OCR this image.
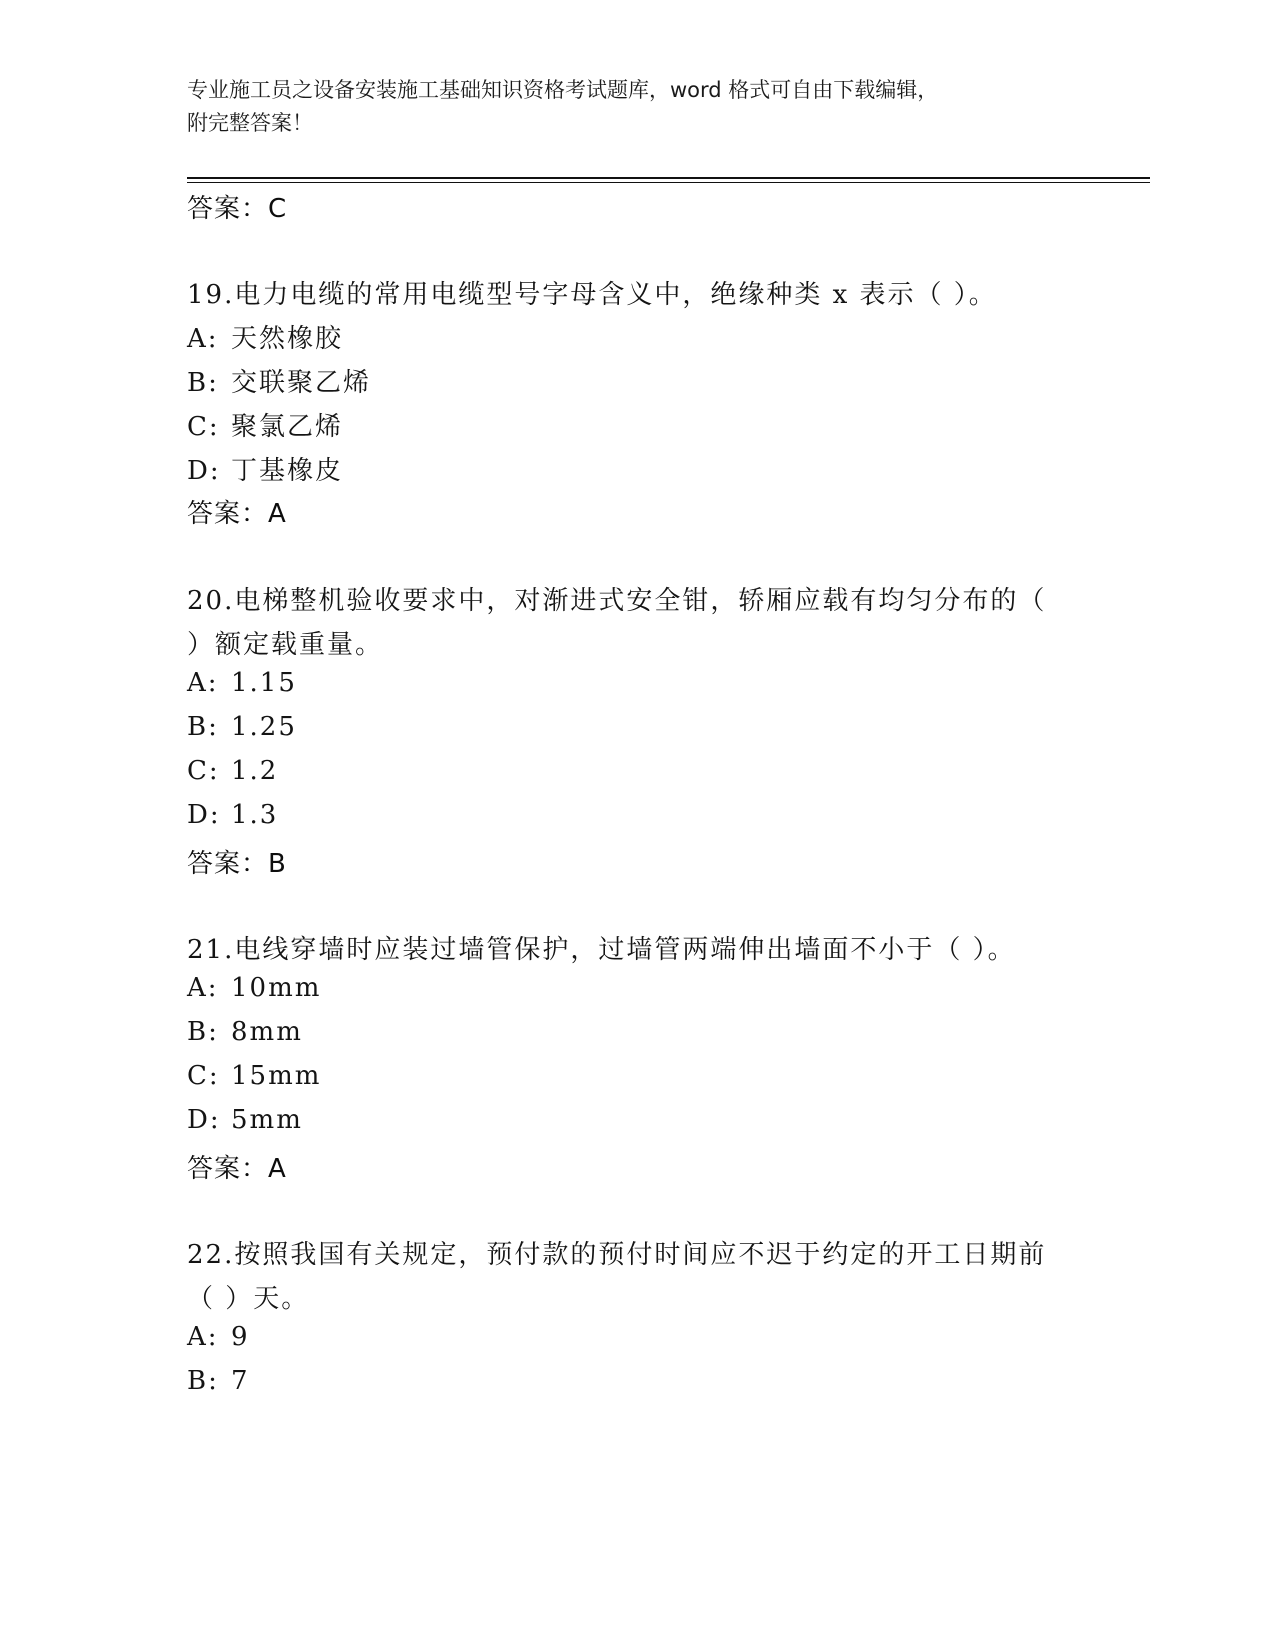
专业施工员之设备安装施工基础知识资格考试题库，word 格式可自由下载编辑，
附完整答案！
答案：C
19.电力电缆的常用电缆型号字母含义中，绝缘种类 x 表示（ ）。
A: 天然橡胶
B: 交联聚乙烯
C: 聚氯乙烯
D: 丁基橡皮
答案：A
20.电梯整机验收要求中，对渐进式安全钳，轿厢应载有均匀分布的（
）额定载重量。
A: 1.15
B: 1.25
C: 1.2
D: 1.3
答案：B
21.电线穿墙时应装过墙管保护，过墙管两端伸出墙面不小于（ ）。
A: 10mm
B: 8mm
C: 15mm
D: 5mm
答案：A
22.按照我国有关规定，预付款的预付时间应不迟于约定的开工日期前
（ ）天。
A: 9
B: 7
